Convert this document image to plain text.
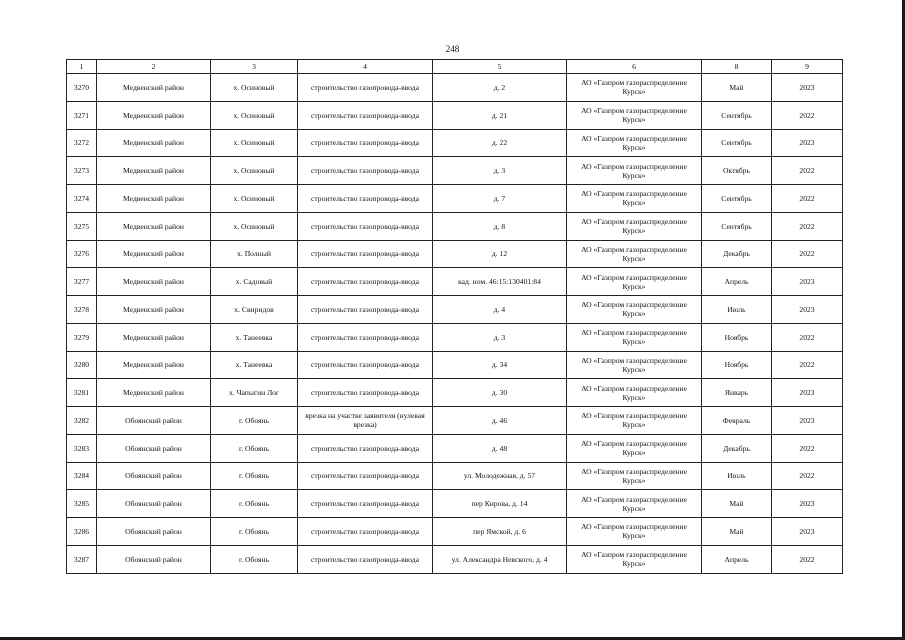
248
1	2	3	4	5	6	8	9
3270	Медвенский район	х. Осиновый	строительство газопровода-ввода	д. 2	АО «Газпром газораспределение Курск»	Май	2023
3271	Медвенский район	х. Осиновый	строительство газопровода-ввода	д. 21	АО «Газпром газораспределение Курск»	Сентябрь	2022
3272	Медвенский район	х. Осиновый	строительство газопровода-ввода	д. 22	АО «Газпром газораспределение Курск»	Сентябрь	2023
3273	Медвенский район	х. Осиновый	строительство газопровода-ввода	д. 3	АО «Газпром газораспределение Курск»	Октябрь	2022
3274	Медвенский район	х. Осиновый	строительство газопровода-ввода	д. 7	АО «Газпром газораспределение Курск»	Сентябрь	2022
3275	Медвенский район	х. Осиновый	строительство газопровода-ввода	д. 8	АО «Газпром газораспределение Курск»	Сентябрь	2022
3276	Медвенский район	х. Полный	строительство газопровода-ввода	д. 12	АО «Газпром газораспределение Курск»	Декабрь	2022
3277	Медвенский район	х. Садовый	строительство газопровода-ввода	кад. ном. 46:15:130401:84	АО «Газпром газораспределение Курск»	Апрель	2023
3278	Медвенский район	х. Свиридов	строительство газопровода-ввода	д. 4	АО «Газпром газораспределение Курск»	Июль	2023
3279	Медвенский район	х. Танеевка	строительство газопровода-ввода	д. 3	АО «Газпром газораспределение Курск»	Ноябрь	2022
3280	Медвенский район	х. Танеевка	строительство газопровода-ввода	д. 34	АО «Газпром газораспределение Курск»	Ноябрь	2022
3281	Медвенский район	х. Чапыгин Лог	строительство газопровода-ввода	д. 30	АО «Газпром газораспределение Курск»	Январь	2023
3282	Обоянский район	г. Обоянь	врезка на участке заявителя (нулевая врезка)	д. 46	АО «Газпром газораспределение Курск»	Февраль	2023
3283	Обоянский район	г. Обоянь	строительство газопровода-ввода	д. 48	АО «Газпром газораспределение Курск»	Декабрь	2022
3284	Обоянский район	г. Обоянь	строительство газопровода-ввода	ул. Молодежная, д. 57	АО «Газпром газораспределение Курск»	Июль	2022
3285	Обоянский район	г. Обоянь	строительство газопровода-ввода	пер Кирова, д. 14	АО «Газпром газораспределение Курск»	Май	2023
3286	Обоянский район	г. Обоянь	строительство газопровода-ввода	пер Ямской, д. 6	АО «Газпром газораспределение Курск»	Май	2023
3287	Обоянский район	г. Обоянь	строительство газопровода-ввода	ул. Александра Невского, д. 4	АО «Газпром газораспределение Курск»	Апрель	2022
